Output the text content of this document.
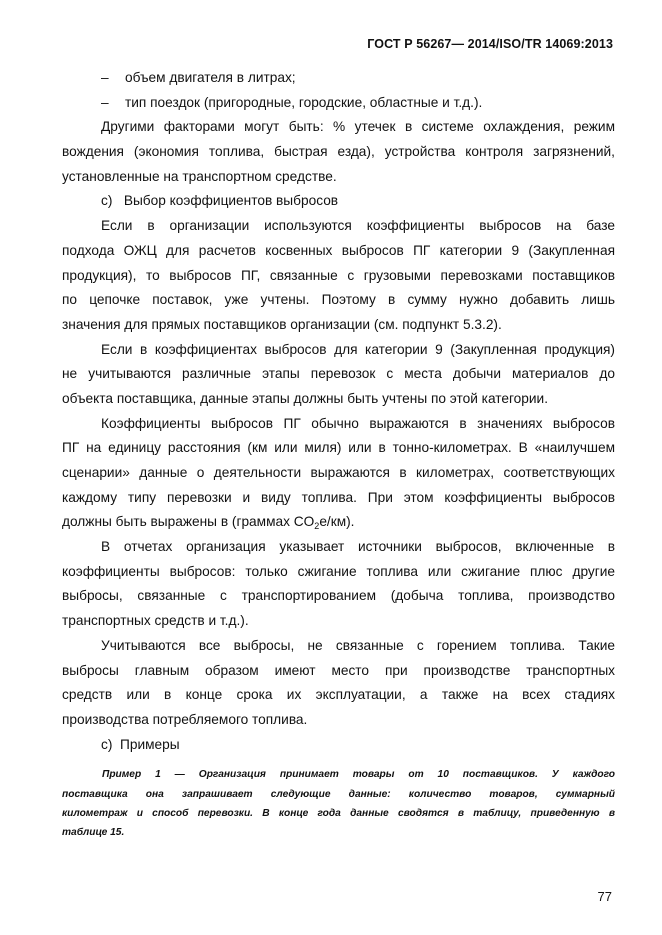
ГОСТ Р 56267— 2014/ISO/TR 14069:2013
– объем двигателя в литрах;
– тип поездок (пригородные, городские, областные и т.д.).
Другими факторами могут быть: % утечек в системе охлаждения, режим
вождения (экономия топлива, быстрая езда), устройства контроля загрязнений,
установленные на транспортном средстве.
c) Выбор коэффициентов выбросов
Если в организации используются коэффициенты выбросов на базе
подхода ОЖЦ для расчетов косвенных выбросов ПГ категории 9 (Закупленная
продукция), то выбросов ПГ, связанные с грузовыми перевозками поставщиков
по цепочке поставок, уже учтены. Поэтому в сумму нужно добавить лишь
значения для прямых поставщиков организации (см. подпункт 5.3.2).
Если в коэффициентах выбросов для категории 9 (Закупленная продукция)
не учитываются различные этапы перевозок с места добычи материалов до
объекта поставщика, данные этапы должны быть учтены по этой категории.
Коэффициенты выбросов ПГ обычно выражаются в значениях выбросов
ПГ на единицу расстояния (км или миля) или в тонно-километрах. В «наилучшем
сценарии» данные о деятельности выражаются в километрах, соответствующих
каждому типу перевозки и виду топлива. При этом коэффициенты выбросов
должны быть выражены в (граммах $CO_2е/км$).
В отчетах организация указывает источники выбросов, включенные в
коэффициенты выбросов: только сжигание топлива или сжигание плюс другие
выбросы, связанные с транспортированием (добыча топлива, производство
транспортных средств и т.д.).
Учитываются все выбросы, не связанные с горением топлива. Такие
выбросы главным образом имеют место при производстве транспортных
средств или в конце срока их эксплуатации, а также на всех стадиях
производства потребляемого топлива.
c) Примеры
Пример 1 — Организация принимает товары от 10 поставщиков. У каждого
поставщика она запрашивает следующие данные: количество товаров, суммарный
километраж и способ перевозки. В конце года данные сводятся в таблицу, приведенную в
таблице 15.
77
